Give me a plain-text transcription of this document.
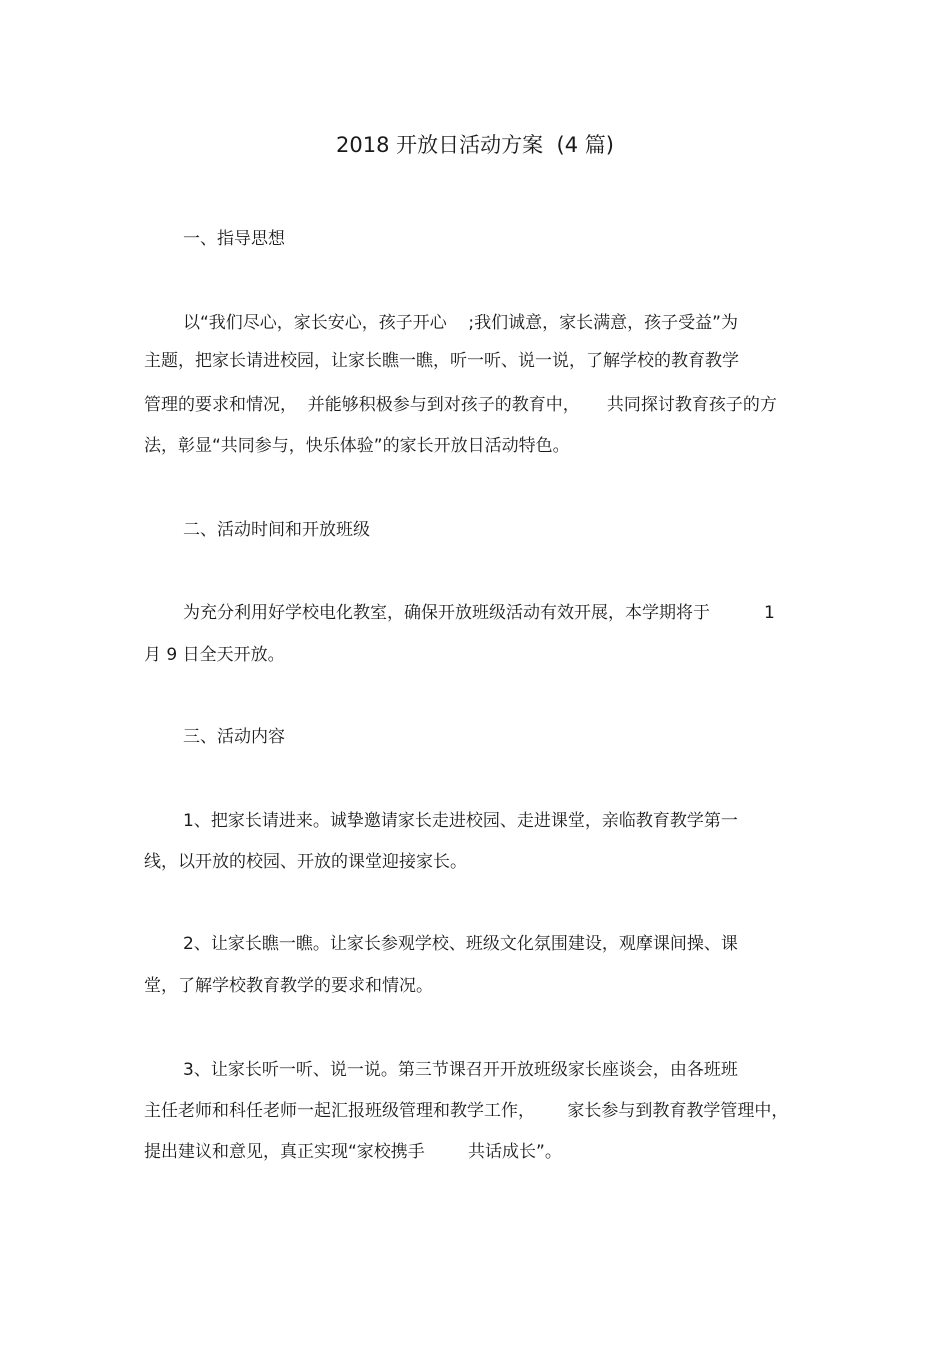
2018 开放日活动方案  (4 篇)
一、指导思想
以“我们尽心，家长安心，孩子开心    ;我们诚意，家长满意，孩子受益”为
主题，把家长请进校园，让家长瞧一瞧，听一听、说一说，了解学校的教育教学
管理的要求和情况，  并能够积极参与到对孩子的教育中，     共同探讨教育孩子的方
法，彰显“共同参与，快乐体验”的家长开放日活动特色。
二、活动时间和开放班级
为充分利用好学校电化教室，确保开放班级活动有效开展，本学期将于          1
月 9 日全天开放。
三、活动内容
1、把家长请进来。诚挚邀请家长走进校园、走进课堂，亲临教育教学第一
线，以开放的校园、开放的课堂迎接家长。
2、让家长瞧一瞧。让家长参观学校、班级文化氛围建设，观摩课间操、课
堂，了解学校教育教学的要求和情况。
3、让家长听一听、说一说。第三节课召开开放班级家长座谈会，由各班班
主任老师和科任老师一起汇报班级管理和教学工作，      家长参与到教育教学管理中，
提出建议和意见，真正实现“家校携手        共话成长”。
